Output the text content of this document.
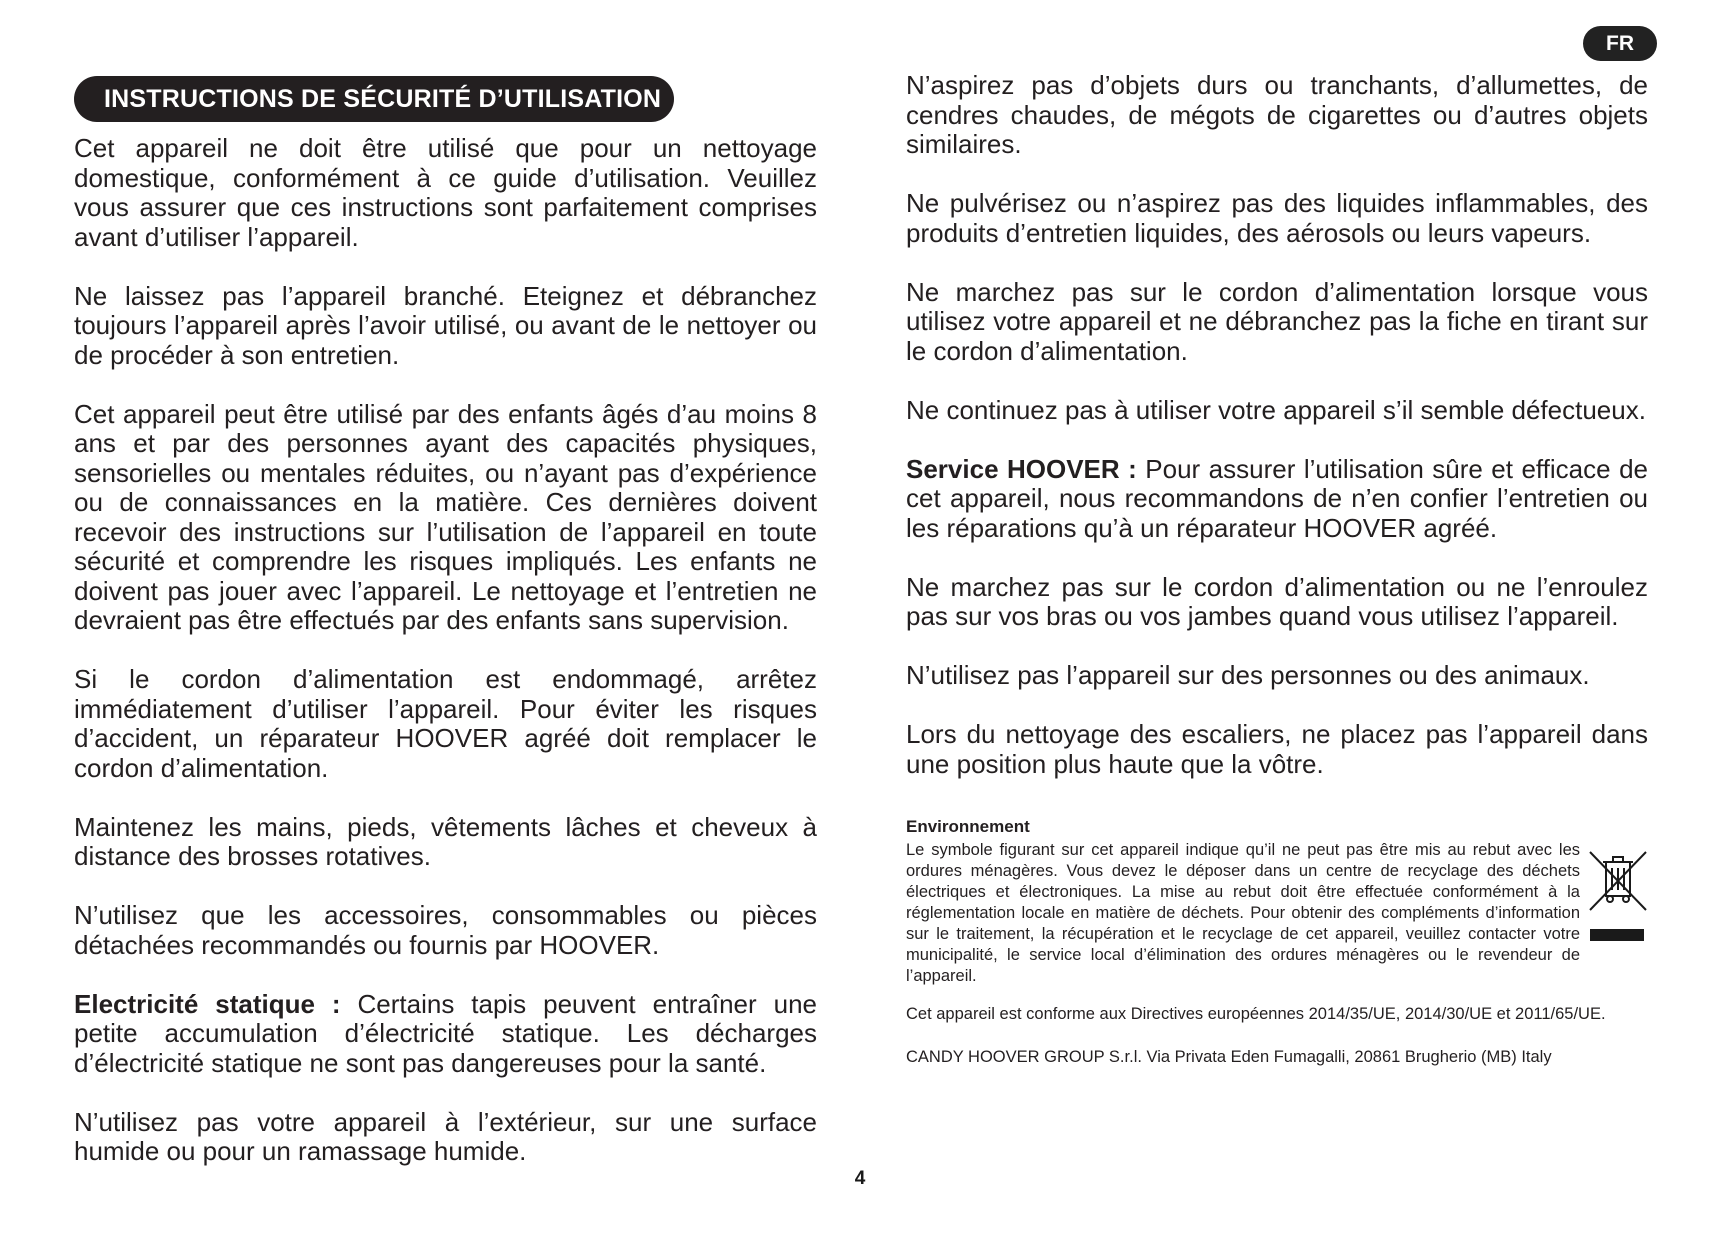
FR
INSTRUCTIONS DE SÉCURITÉ D’UTILISATION

Cet appareil ne doit être utilisé que pour un nettoyage domestique, conformément à ce guide d’utilisation. Veuillez vous assurer que ces instructions sont parfaitement comprises avant d’utiliser l’appareil.

Ne laissez pas l’appareil branché. Eteignez et débranchez toujours l’appareil après l’avoir utilisé, ou avant de le nettoyer ou de procéder à son entretien.

Cet appareil peut être utilisé par des enfants âgés d’au moins 8 ans et par des personnes ayant des capacités physiques, sensorielles ou mentales réduites, ou n’ayant pas d’expérience ou de connaissances en la matière. Ces dernières doivent recevoir des instructions sur l’utilisation de l’appareil en toute sécurité et comprendre les risques impliqués. Les enfants ne doivent pas jouer avec l’appareil. Le nettoyage et l’entretien ne devraient pas être effectués par des enfants sans supervision.

Si le cordon d’alimentation est endommagé, arrêtez immédiatement d’utiliser l’appareil. Pour éviter les risques d’accident, un réparateur HOOVER agréé doit remplacer le cordon d’alimentation.

Maintenez les mains, pieds, vêtements lâches et cheveux à distance des brosses rotatives.

N’utilisez que les accessoires, consommables ou pièces détachées recommandés ou fournis par HOOVER.

Electricité statique : Certains tapis peuvent entraîner une petite accumulation d’électricité statique. Les décharges d’électricité statique ne sont pas dangereuses pour la santé.

N’utilisez pas votre appareil à l’extérieur, sur une surface humide ou pour un ramassage humide.

N’aspirez pas d’objets durs ou tranchants, d’allumettes, de cendres chaudes, de mégots de cigarettes ou d’autres objets similaires.

Ne pulvérisez ou n’aspirez pas des liquides inflammables, des produits d’entretien liquides, des aérosols ou leurs vapeurs.

Ne marchez pas sur le cordon d’alimentation lorsque vous utilisez votre appareil et ne débranchez pas la fiche en tirant sur le cordon d’alimentation.

Ne continuez pas à utiliser votre appareil s’il semble défectueux.

Service HOOVER : Pour assurer l’utilisation sûre et efficace de cet appareil, nous recommandons de n’en confier l’entretien ou les réparations qu’à un réparateur HOOVER agréé.

Ne marchez pas sur le cordon d’alimentation ou ne l’enroulez pas sur vos bras ou vos jambes quand vous utilisez l’appareil.

N’utilisez pas l’appareil sur des personnes ou des animaux.

Lors du nettoyage des escaliers, ne placez pas l’appareil dans une position plus haute que la vôtre.

Environnement

Le symbole figurant sur cet appareil indique qu’il ne peut pas être mis au rebut avec les ordures ménagères. Vous devez le déposer dans un centre de recyclage des déchets électriques et électroniques. La mise au rebut doit être effectuée conformément à la réglementation locale en matière de déchets. Pour obtenir des compléments d’information sur le traitement, la récupération et le recyclage de cet appareil, veuillez contacter votre municipalité, le service local d’élimination des ordures ménagères ou le revendeur de l’appareil.

Cet appareil est conforme aux Directives européennes 2014/35/UE, 2014/30/UE et 2011/65/UE.

CANDY HOOVER GROUP S.r.l. Via Privata Eden Fumagalli, 20861 Brugherio (MB) Italy

4
